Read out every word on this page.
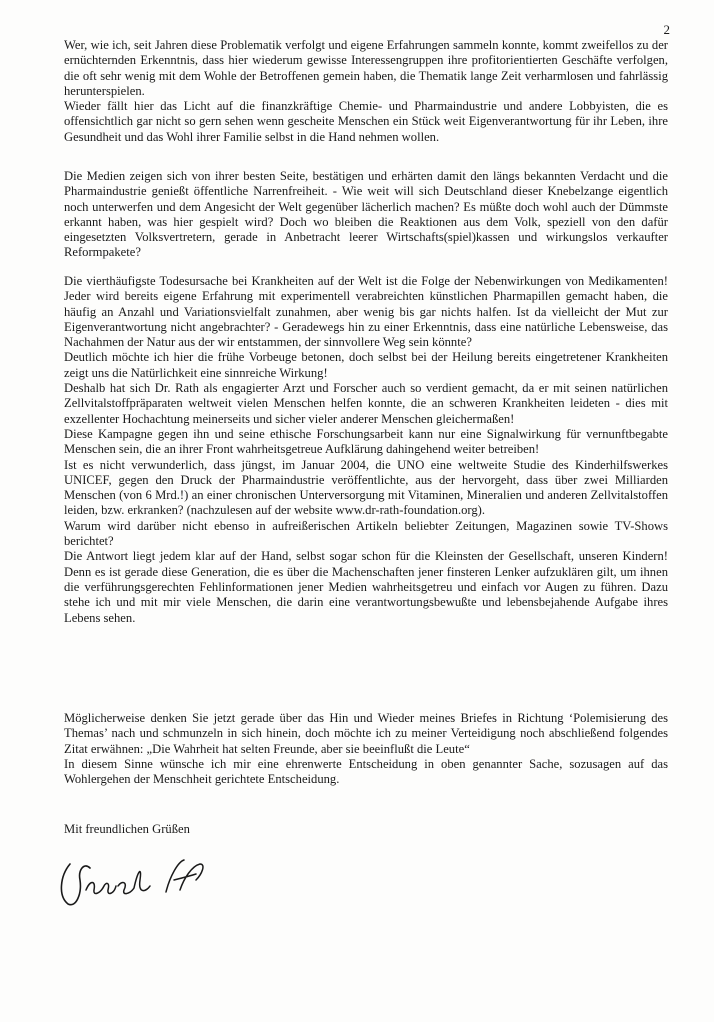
2

Wer, wie ich, seit Jahren diese Problematik verfolgt und eigene Erfahrungen sammeln konnte, kommt zweifellos zu der ernüchternden Erkenntnis, dass hier wiederum gewisse Interessengruppen ihre profitorientierten Geschäfte verfolgen, die oft sehr wenig mit dem Wohle der Betroffenen gemein haben, die Thematik lange Zeit verharmlosen und fahrlässig herunterspielen.

Wieder fällt hier das Licht auf die finanzkräftige Chemie- und Pharmaindustrie und andere Lobbyisten, die es offensichtlich gar nicht so gern sehen wenn gescheite Menschen ein Stück weit Eigenverantwortung für ihr Leben, ihre Gesundheit und das Wohl ihrer Familie selbst in die Hand nehmen wollen.

Die Medien zeigen sich von ihrer besten Seite, bestätigen und erhärten damit den längs bekannten Verdacht und die Pharmaindustrie genießt öffentliche Narrenfreiheit. - Wie weit will sich Deutschland dieser Knebelzange eigentlich noch unterwerfen und dem Angesicht der Welt gegenüber lächerlich machen? Es müßte doch wohl auch der Dümmste erkannt haben, was hier gespielt wird? Doch wo bleiben die Reaktionen aus dem Volk, speziell von den dafür eingesetzten Volksvertretern, gerade in Anbetracht leerer Wirtschafts(spiel)kassen und wirkungslos verkaufter Reformpakete?

Die vierthäufigste Todesursache bei Krankheiten auf der Welt ist die Folge der Nebenwirkungen von Medikamenten! Jeder wird bereits eigene Erfahrung mit experimentell verabreichten künstlichen Pharmapillen gemacht haben, die häufig an Anzahl und Variationsvielfalt zunahmen, aber wenig bis gar nichts halfen. Ist da vielleicht der Mut zur Eigenverantwortung nicht angebrachter? - Geradewegs hin zu einer Erkenntnis, dass eine natürliche Lebensweise, das Nachahmen der Natur aus der wir entstammen, der sinnvollere Weg sein könnte?

Deutlich möchte ich hier die frühe Vorbeuge betonen, doch selbst bei der Heilung bereits eingetretener Krankheiten zeigt uns die Natürlichkeit eine sinnreiche Wirkung!

Deshalb hat sich Dr. Rath als engagierter Arzt und Forscher auch so verdient gemacht, da er mit seinen natürlichen Zellvitalstoffpräparaten weltweit vielen Menschen helfen konnte, die an schweren Krankheiten leideten - dies mit exzellenter Hochachtung meinerseits und sicher vieler anderer Menschen gleichermaßen!

Diese Kampagne gegen ihn und seine ethische Forschungsarbeit kann nur eine Signalwirkung für vernunftbegabte Menschen sein, die an ihrer Front wahrheitsgetreue Aufklärung dahingehend weiter betreiben!

Ist es nicht verwunderlich, dass jüngst, im Januar 2004, die UNO eine weltweite Studie des Kinderhilfswerkes UNICEF, gegen den Druck der Pharmaindustrie veröffentlichte, aus der hervorgeht, dass über zwei Milliarden Menschen (von 6 Mrd.!) an einer chronischen Unterversorgung mit Vitaminen, Mineralien und anderen Zellvitalstoffen leiden, bzw. erkranken? (nachzulesen auf der website www.dr-rath-foundation.org).

Warum wird darüber nicht ebenso in aufreißerischen Artikeln beliebter Zeitungen, Magazinen sowie TV-Shows berichtet?

Die Antwort liegt jedem klar auf der Hand, selbst sogar schon für die Kleinsten der Gesellschaft, unseren Kindern! Denn es ist gerade diese Generation, die es über die Machenschaften jener finsteren Lenker aufzuklären gilt, um ihnen die verführungsgerechten Fehlinformationen jener Medien wahrheitsgetreu und einfach vor Augen zu führen. Dazu stehe ich und mit mir viele Menschen, die darin eine verantwortungsbewußte und lebensbejahende Aufgabe ihres Lebens sehen.

Möglicherweise denken Sie jetzt gerade über das Hin und Wieder meines Briefes in Richtung ‘Polemisierung des Themas’ nach und schmunzeln in sich hinein, doch möchte ich zu meiner Verteidigung noch abschließend folgendes Zitat erwähnen: „Die Wahrheit hat selten Freunde, aber sie beeinflußt die Leute“

In diesem Sinne wünsche ich mir eine ehrenwerte Entscheidung in oben genannter Sache, sozusagen auf das Wohlergehen der Menschheit gerichtete Entscheidung.

Mit freundlichen Grüßen
